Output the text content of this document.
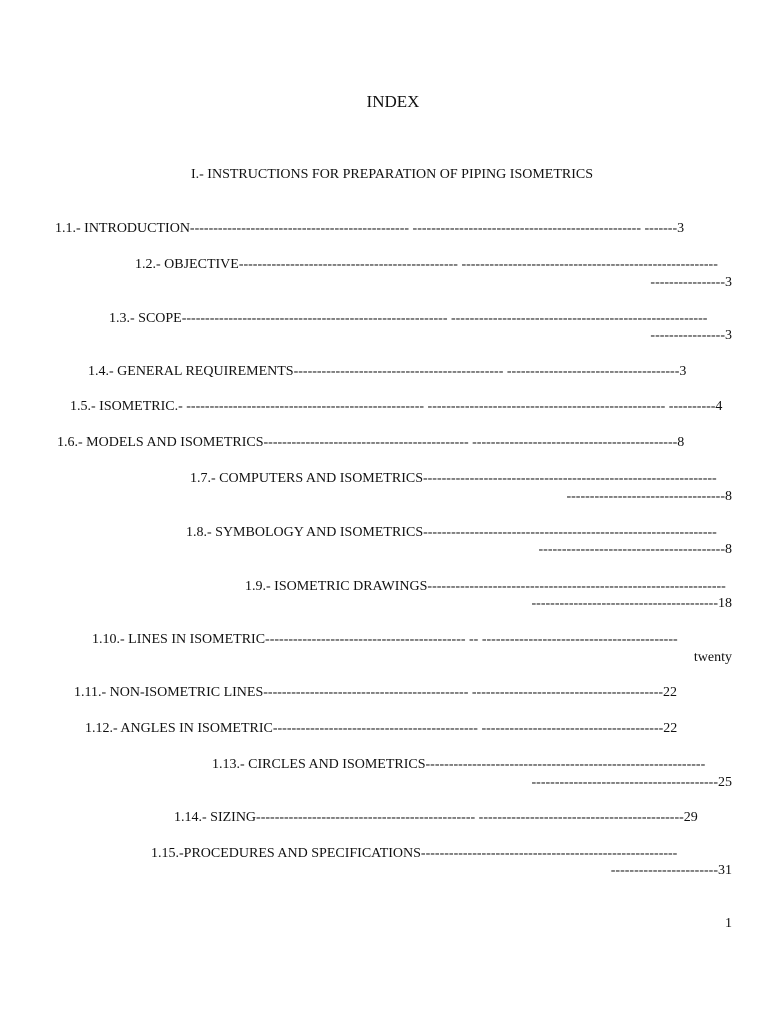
INDEX
I.- INSTRUCTIONS FOR PREPARATION OF PIPING ISOMETRICS
1.1.- INTRODUCTION----------------------------------------------- ------------------------------------------------- -------3
1.2.- OBJECTIVE----------------------------------------------- -------------------------------------------------------
----------------3
1.3.- SCOPE--------------------------------------------------------- -------------------------------------------------------
----------------3
1.4.- GENERAL REQUIREMENTS--------------------------------------------- -------------------------------------3
1.5.- ISOMETRIC.- --------------------------------------------------- --------------------------------------------------- ----------4
1.6.- MODELS AND ISOMETRICS-------------------------------------------- --------------------------------------------8
1.7.- COMPUTERS AND ISOMETRICS---------------------------------------------------------------
----------------------------------8
1.8.- SYMBOLOGY AND ISOMETRICS---------------------------------------------------------------
----------------------------------------8
1.9.- ISOMETRIC DRAWINGS----------------------------------------------------------------
----------------------------------------18
1.10.- LINES IN ISOMETRIC------------------------------------------- -- ------------------------------------------
twenty
1.11.- NON-ISOMETRIC LINES-------------------------------------------- -----------------------------------------22
1.12.- ANGLES IN ISOMETRIC-------------------------------------------- ---------------------------------------22
1.13.- CIRCLES AND ISOMETRICS------------------------------------------------------------
----------------------------------------25
1.14.- SIZING----------------------------------------------- --------------------------------------------29
1.15.-PROCEDURES AND SPECIFICATIONS-------------------------------------------------------
-----------------------31
1
